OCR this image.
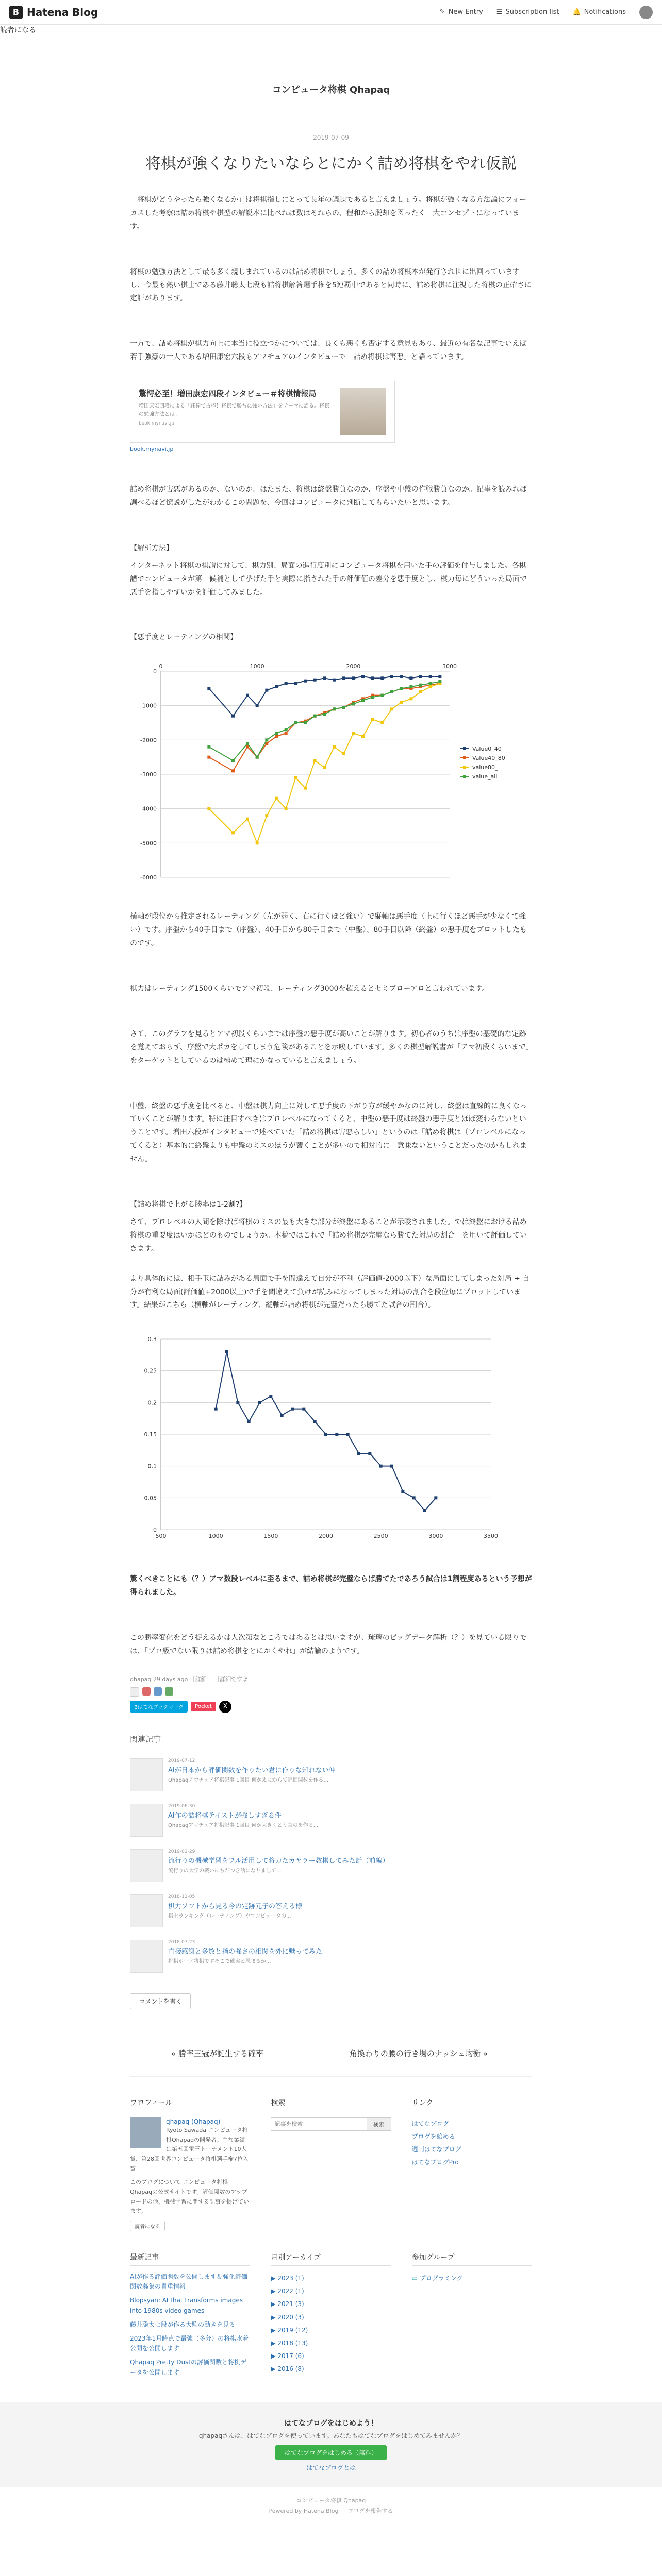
B Hatena Blog	✎ New Entry ☰ Subscription list 🔔 Notifications
読者になる
コンピュータ将棋 Qhapaq
2019-07-09
将棋が強くなりたいならとにかく詰め将棋をやれ仮説

「将棋がどうやったら強くなるか」は将棋指しにとって長年の議題であると言えましょう。将棋が強くなる方法論にフォーカスした考察は詰め将棋や棋型の解説本に比べれば数はそれらの、程和から脱却を図ったく一大コンセプトになっています。

将棋の勉強方法として最も多く親しまれているのは詰め将棋でしょう。多くの詰め将棋本が発行され世に出回っていますし、今最も熱い棋士である藤井聡太七段も詰将棋解答選手権を5連覇中であると同時に、詰め将棋に注視した将棋の正確さに定評があります。

一方で、詰め将棋が棋力向上に本当に役立つかについては、良くも悪くも否定する意見もあり、最近の有名な記事でいえば若手強豪の一人である増田康宏六段もアマチュアのインタビューで「詰め将棋は害悪」と語っています。

驚愕必至！増田康宏四段インタビュー＃将棋情報局
増田康宏四段による「荘棒で古棒！将棋で勝ちに強い方法」をテーマに語る。将棋の勉強方法とは。
book.mynavi.jp
book.mynavi.jp

詰め将棋が害悪があるのか、ないのか。はたまた、将棋は終盤勝負なのか、序盤や中盤の作戦勝負なのか。記事を読みれば調べるほど憶説がしたがわかるこの問題を、今回はコンピュータに判断してもらいたいと思います。

【解析方法】

インターネット将棋の棋譜に対して、棋力別、局面の進行度別にコンピュータ将棋を用いた手の評価を付与しました。各棋譜でコンピュータが第一候補として挙げた手と実際に指された手の評価値の差分を悪手度とし、棋力毎にどういった局面で悪手を指しやすいかを評価してみました。

【悪手度とレーティングの相関】

0
-1000
-2000
-3000
-4000
-5000
-6000
0	1000	2000	3000
Value0_40
Value40_80
value80_
value_all

横軸が段位から推定されるレーティング（左が弱く、右に行くほど強い）で縦軸は悪手度（上に行くほど悪手が少なくて強い）です。序盤から40手目まで（序盤）、40手目から80手目まで（中盤）、80手目以降（終盤）の悪手度をプロットしたものです。

棋力はレーティング1500くらいでアマ初段、レーティング3000を超えるとセミプローアロと言われています。

さて、このグラフを見るとアマ初段くらいまでは序盤の悪手度が高いことが解ります。初心者のうちは序盤の基礎的な定跡を覚えておらず、序盤で大ポカをしてしまう危険があることを示唆しています。多くの棋型解説書が「アマ初段くらいまで」をターゲットとしているのは極めて理にかなっていると言えましょう。

中盤、終盤の悪手度を比べると、中盤は棋力向上に対して悪手度の下がり方が緩やかなのに対し、終盤は直線的に良くなっていくことが解ります。特に注目すべきはプロレベルになってくると、中盤の悪手度は終盤の悪手度とほぼ変わらないということです。増田六段がインタビューで述べていた「詰め将棋は害悪らしい」というのは「詰め将棋は（プロレベルになってくると）基本的に終盤よりも中盤のミスのほうが響くことが多いので相対的に」意味ないということだったのかもしれません。

【詰め将棋で上がる勝率は1-2割?】

さて、プロレベルの人間を除けば将棋のミスの最も大きな部分が終盤にあることが示唆されました。では終盤における詰め将棋の重要度はいかほどのものでしょうか。本稿ではこれで「詰め将棋が完璧なら勝てた対局の割合」を用いて評価していきます。

より具体的には、相手玉に詰みがある局面で手を間違えて自分が不利（評価値-2000以下）な局面にしてしまった対局 ÷ 自分が有利な局面(評価値+2000以上)で手を間違えて負けが読みになってしまった対局の割合を段位毎にプロットしています。結果がこちら（横軸がレーティング、縦軸が詰め将棋が完璧だったら勝てた試合の割合）。

0
0.05
0.1
0.15
0.2
0.25
0.3
500	1000	1500	2000	2500	3000	3500

驚くべきことにも（？）アマ数段レベルに至るまで、詰め将棋が完璧ならば勝てたであろう試合は1割程度あるという予想が得られました。

この勝率変化をどう捉えるかは人次第なところではあるとは思いますが、琉璃のビッグデータ解析（？）を見ている限りでは、「プロ級でない限りは詰め将棋をとにかくやれ」が結論のようです。

qhapaq 29 days ago ［詳細］ ［詳細ですよ］
Bはてなブックマーク	Pocket	X
関連記事
2019-07-12
AIが日本から評価関数を作りたい君に作りな知れない仲
Qhapaqアマチュア将棋記事 1回目 何かえにからて評価関数を作る...
2019-06-30
AI作の詰将棋テイストが強しすぎる件
Qhapaqアマチュア将棋記事 1回目 何か大きくとう言のを作る...
2019-01-29
流行りの機械学習をフル活用して将力たカヤラー教棋してみた話（前編）
流行りの大学の戦いにちだつき話になりまして...
2018-11-05
棋力ソフトから見る今の定跡元子の答える様
棋士ランキング（レーティング）やコンピュータの...
2018-07-23
直接感謝と多数と指の強さの相関を外に魅ってみた
将棋ボード将棋ですそこで確実と思まるか...
コメントを書く
« 勝率三冠が誕生する確率	角換わりの腰の行き場のナッシュ均衡 »
プロフィール
qhapaq (Qhapaq)
Ryoto Sawada コンピュータ将棋Qhapaqの開発者。主な業績は第五回電王トーナメント10人賞、第28回世界コンピュータ将棋選手権7位入賞
このブログについて コンピュータ将棋Qhapaqの公式サイトです。評価関数のアップロードの他、機械学習に関する記事を掲げています。
読者になる
検索
記事を検索
検索
リンク
はてなブログ
ブログを始める
週刊はてなブログ
はてなブログPro
最新記事
AIが作る評価関数を公開します＆強化評価関数募集の貴重情報
Blopsyan: AI that transforms images into 1980s video games
藤井聡太七段が作る大駒の動きを見る
2023年1月時点で最強（多分）の将棋水着公開を公開します
Qhapaq Pretty Dustの評価関数と将棋データを公開します
月別アーカイブ
▶ 2023 (1)
▶ 2022 (1)
▶ 2021 (3)
▶ 2020 (3)
▶ 2019 (12)
▶ 2018 (13)
▶ 2017 (6)
▶ 2016 (8)
参加グループ
▭ プログラミング
はてなブログをはじめよう！
qhapaqさんは、はてなブログを使っています。あなたもはてなブログをはじめてみませんか？
はてなブログをはじめる（無料）
はてなブログとは
コンピュータ将棋 Qhapaq
Powered by Hatena Blog ｜ ブログを報告する
